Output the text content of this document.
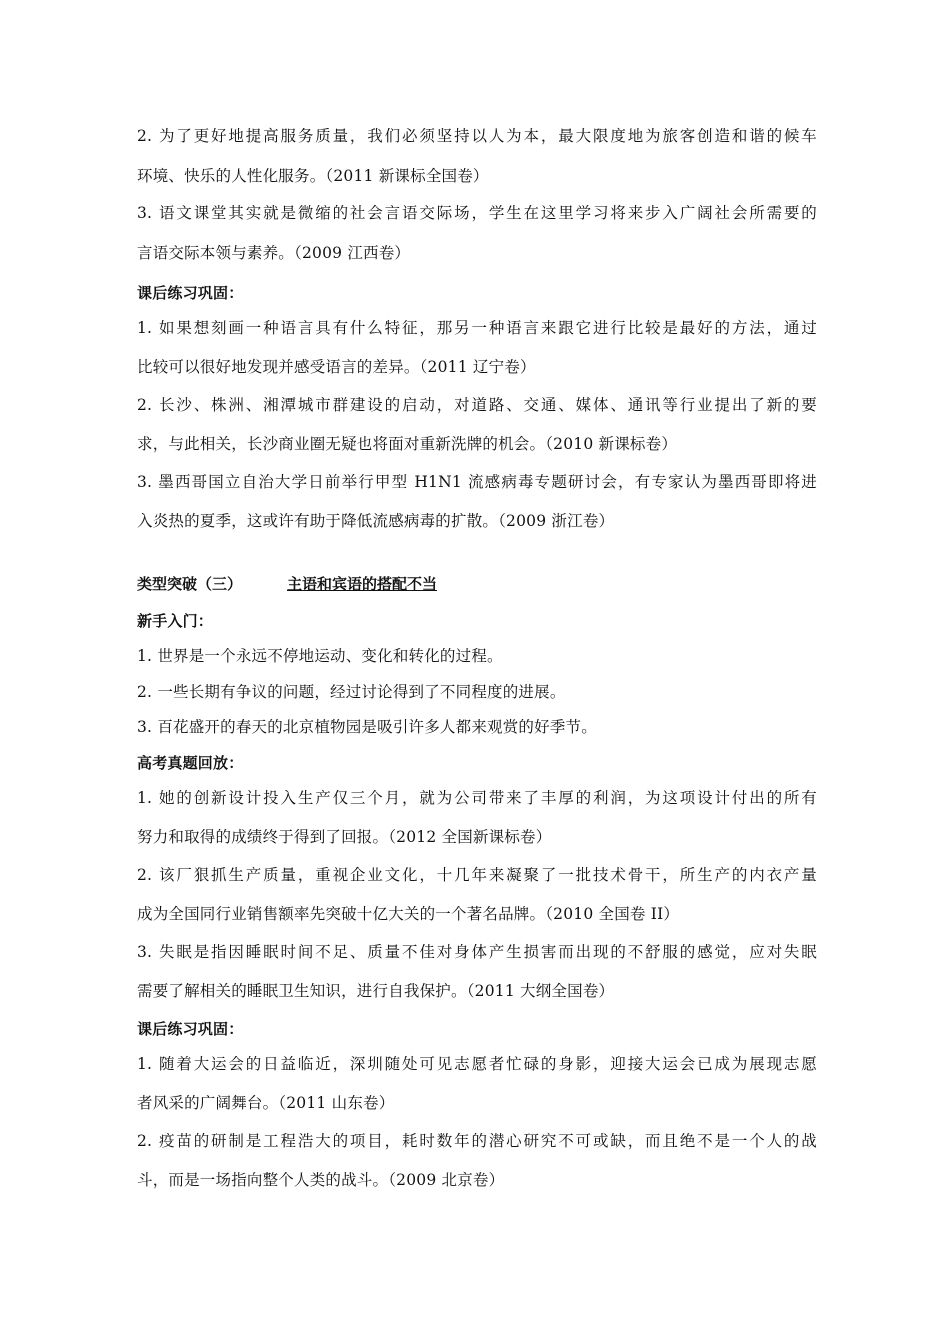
2. 为了更好地提高服务质量，我们必须坚持以人为本，最大限度地为旅客创造和谐的候车
环境、快乐的人性化服务。（2011 新课标全国卷）
3. 语文课堂其实就是微缩的社会言语交际场，学生在这里学习将来步入广阔社会所需要的
言语交际本领与素养。（2009 江西卷）
课后练习巩固：
1. 如果想刻画一种语言具有什么特征，那另一种语言来跟它进行比较是最好的方法，通过
比较可以很好地发现并感受语言的差异。（2011 辽宁卷）
2. 长沙、株洲、湘潭城市群建设的启动，对道路、交通、媒体、通讯等行业提出了新的要
求，与此相关，长沙商业圈无疑也将面对重新洗牌的机会。（2010 新课标卷）
3. 墨西哥国立自治大学日前举行甲型 H1N1 流感病毒专题研讨会，有专家认为墨西哥即将进
入炎热的夏季，这或许有助于降低流感病毒的扩散。（2009 浙江卷）
类型突破（三）	主语和宾语的搭配不当
新手入门：
1. 世界是一个永远不停地运动、变化和转化的过程。
2. 一些长期有争议的问题，经过讨论得到了不同程度的进展。
3. 百花盛开的春天的北京植物园是吸引许多人都来观赏的好季节。
高考真题回放：
1. 她的创新设计投入生产仅三个月，就为公司带来了丰厚的利润，为这项设计付出的所有
努力和取得的成绩终于得到了回报。（2012 全国新课标卷）
2. 该厂狠抓生产质量，重视企业文化，十几年来凝聚了一批技术骨干，所生产的内衣产量
成为全国同行业销售额率先突破十亿大关的一个著名品牌。（2010 全国卷 II）
3. 失眠是指因睡眠时间不足、质量不佳对身体产生损害而出现的不舒服的感觉，应对失眠
需要了解相关的睡眠卫生知识，进行自我保护。（2011 大纲全国卷）
课后练习巩固：
1. 随着大运会的日益临近，深圳随处可见志愿者忙碌的身影，迎接大运会已成为展现志愿
者风采的广阔舞台。（2011 山东卷）
2. 疫苗的研制是工程浩大的项目，耗时数年的潜心研究不可或缺，而且绝不是一个人的战
斗，而是一场指向整个人类的战斗。（2009 北京卷）
